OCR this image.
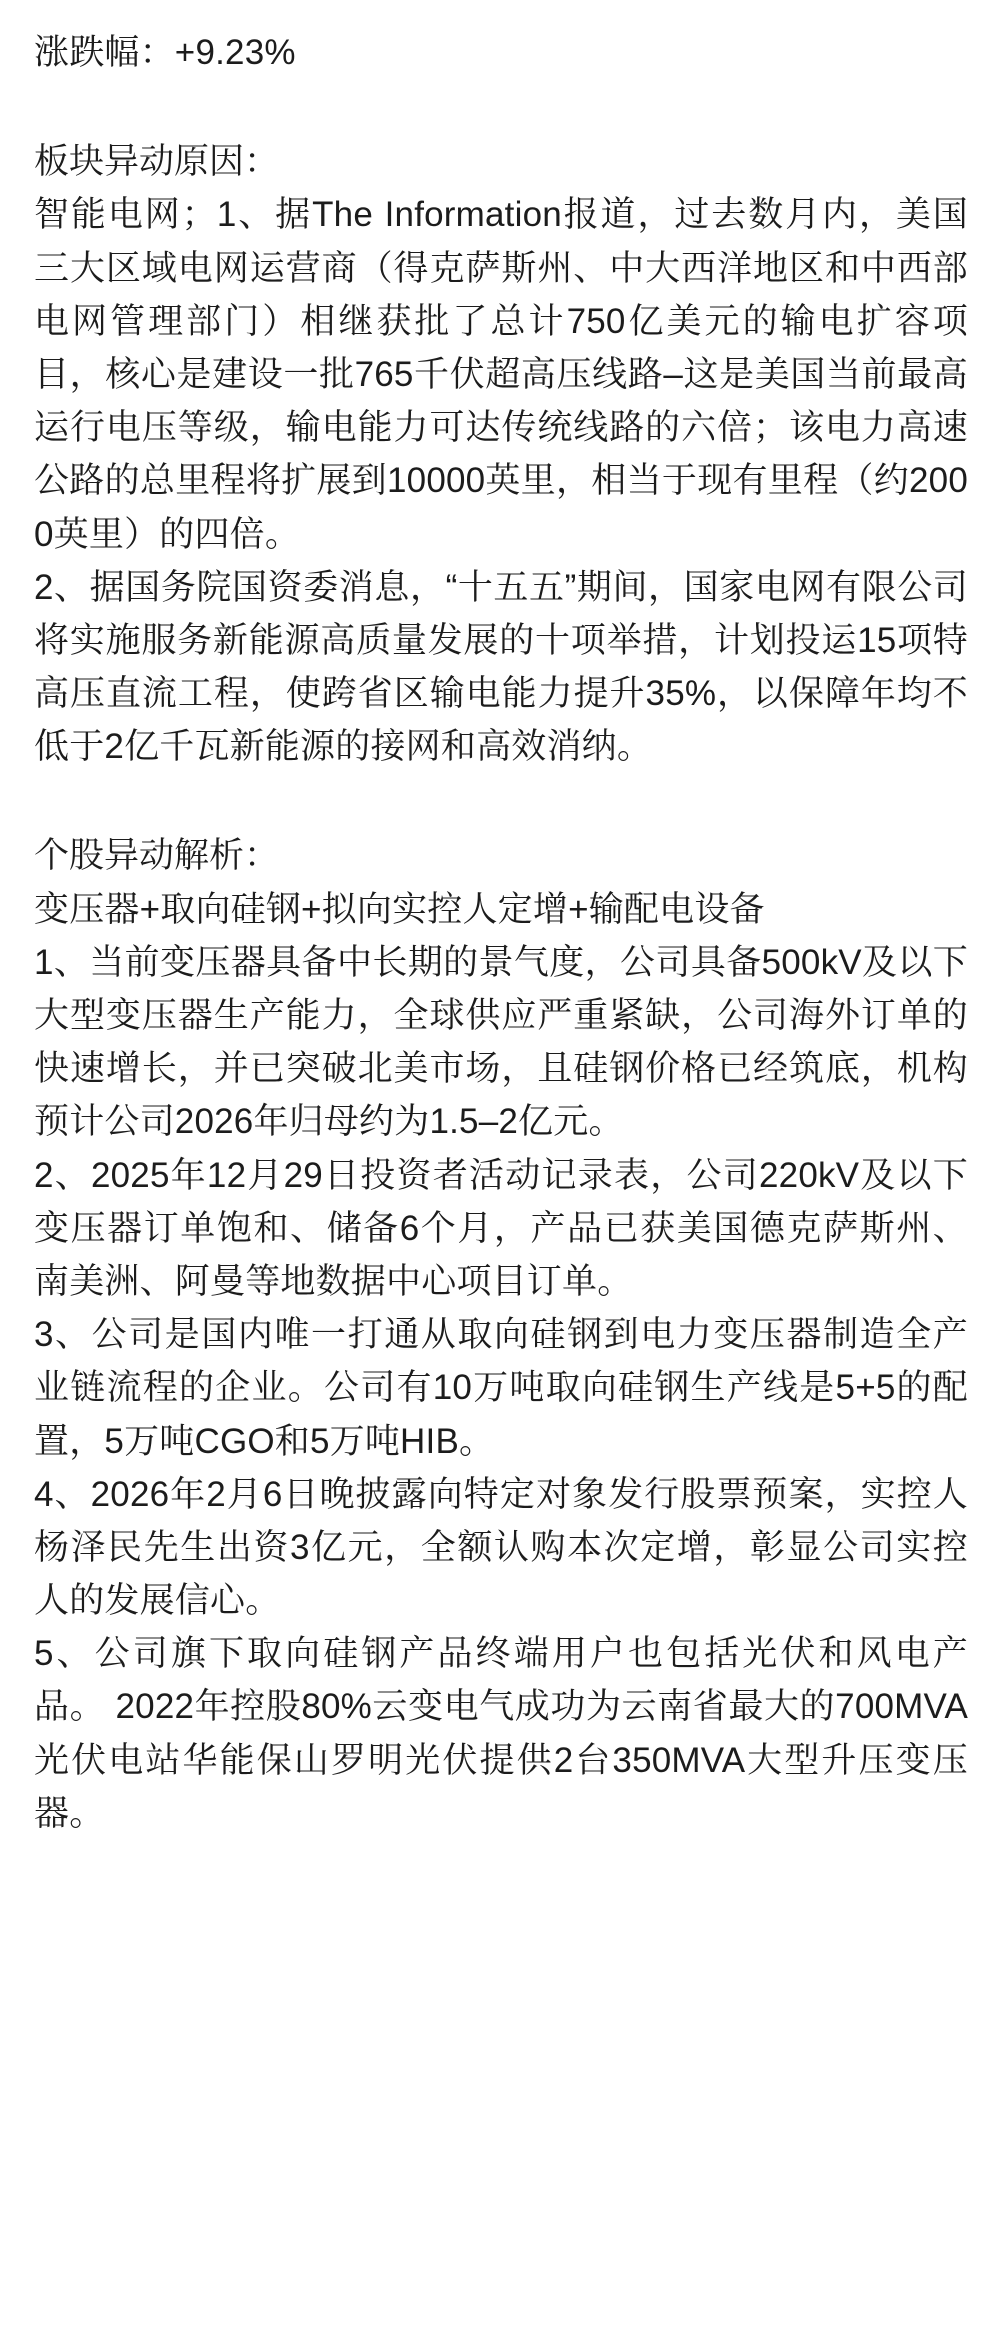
涨跌幅：+9.23%

板块异动原因：

智能电网；1、据The Information报道，过去数月内，美国三大区域电网运营商（得克萨斯州、中大西洋地区和中西部电网管理部门）相继获批了总计750亿美元的输电扩容项目，核心是建设一批765千伏超高压线路–这是美国当前最高运行电压等级，输电能力可达传统线路的六倍；该电力高速公路的总里程将扩展到10000英里，相当于现有里程（约2000英里）的四倍。

2、据国务院国资委消息，“十五五”期间，国家电网有限公司将实施服务新能源高质量发展的十项举措，计划投运15项特高压直流工程，使跨省区输电能力提升35%，以保障年均不低于2亿千瓦新能源的接网和高效消纳。

个股异动解析：

变压器+取向硅钢+拟向实控人定增+输配电设备

1、当前变压器具备中长期的景气度，公司具备500kV及以下大型变压器生产能力，全球供应严重紧缺，公司海外订单的快速增长，并已突破北美市场，且硅钢价格已经筑底，机构预计公司2026年归母约为1.5–2亿元。

2、2025年12月29日投资者活动记录表，公司220kV及以下变压器订单饱和、储备6个月，产品已获美国德克萨斯州、南美洲、阿曼等地数据中心项目订单。

3、公司是国内唯一打通从取向硅钢到电力变压器制造全产业链流程的企业。公司有10万吨取向硅钢生产线是5+5的配置，5万吨CGO和5万吨HIB。

4、2026年2月6日晚披露向特定对象发行股票预案，实控人杨泽民先生出资3亿元，全额认购本次定增，彰显公司实控人的发展信心。

5、公司旗下取向硅钢产品终端用户也包括光伏和风电产品。 2022年控股80%云变电气成功为云南省最大的700MVA光伏电站华能保山罗明光伏提供2台350MVA大型升压变压器。
